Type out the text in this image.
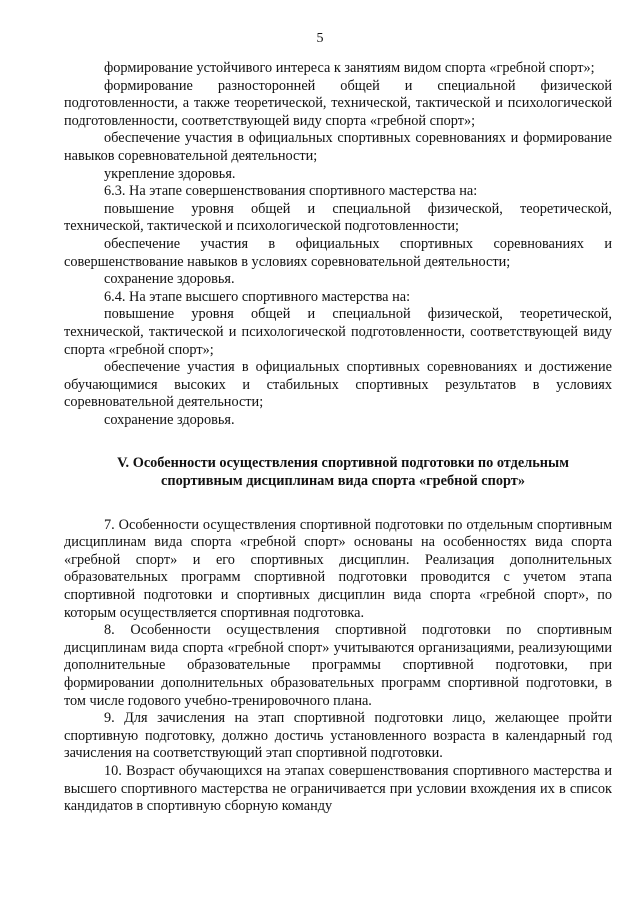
5

формирование устойчивого интереса к занятиям видом спорта «гребной спорт»;

формирование разносторонней общей и специальной физической подготовленности, а также теоретической, технической, тактической и психологической подготовленности, соответствующей виду спорта «гребной спорт»;

обеспечение участия в официальных спортивных соревнованиях и формирование навыков соревновательной деятельности;

укрепление здоровья.

6.3. На этапе совершенствования спортивного мастерства на:

повышение уровня общей и специальной физической, теоретической, технической, тактической и психологической подготовленности;

обеспечение участия в официальных спортивных соревнованиях и совершенствование навыков в условиях соревновательной деятельности;

сохранение здоровья.

6.4. На этапе высшего спортивного мастерства на:

повышение уровня общей и специальной физической, теоретической, технической, тактической и психологической подготовленности, соответствующей виду спорта «гребной спорт»;

обеспечение участия в официальных спортивных соревнованиях и достижение обучающимися высоких и стабильных спортивных результатов в условиях соревновательной деятельности;

сохранение здоровья.

V. Особенности осуществления спортивной подготовки по отдельным спортивным дисциплинам вида спорта «гребной спорт»

7. Особенности осуществления спортивной подготовки по отдельным спортивным дисциплинам вида спорта «гребной спорт» основаны на особенностях вида спорта «гребной спорт» и его спортивных дисциплин. Реализация дополнительных образовательных программ спортивной подготовки проводится с учетом этапа спортивной подготовки и спортивных дисциплин вида спорта «гребной спорт», по которым осуществляется спортивная подготовка.

8. Особенности осуществления спортивной подготовки по спортивным дисциплинам вида спорта «гребной спорт» учитываются организациями, реализующими дополнительные образовательные программы спортивной подготовки, при формировании дополнительных образовательных программ спортивной подготовки, в том числе годового учебно-тренировочного плана.

9. Для зачисления на этап спортивной подготовки лицо, желающее пройти спортивную подготовку, должно достичь установленного возраста в календарный год зачисления на соответствующий этап спортивной подготовки.

10. Возраст обучающихся на этапах совершенствования спортивного мастерства и высшего спортивного мастерства не ограничивается при условии вхождения их в список кандидатов в спортивную сборную команду
